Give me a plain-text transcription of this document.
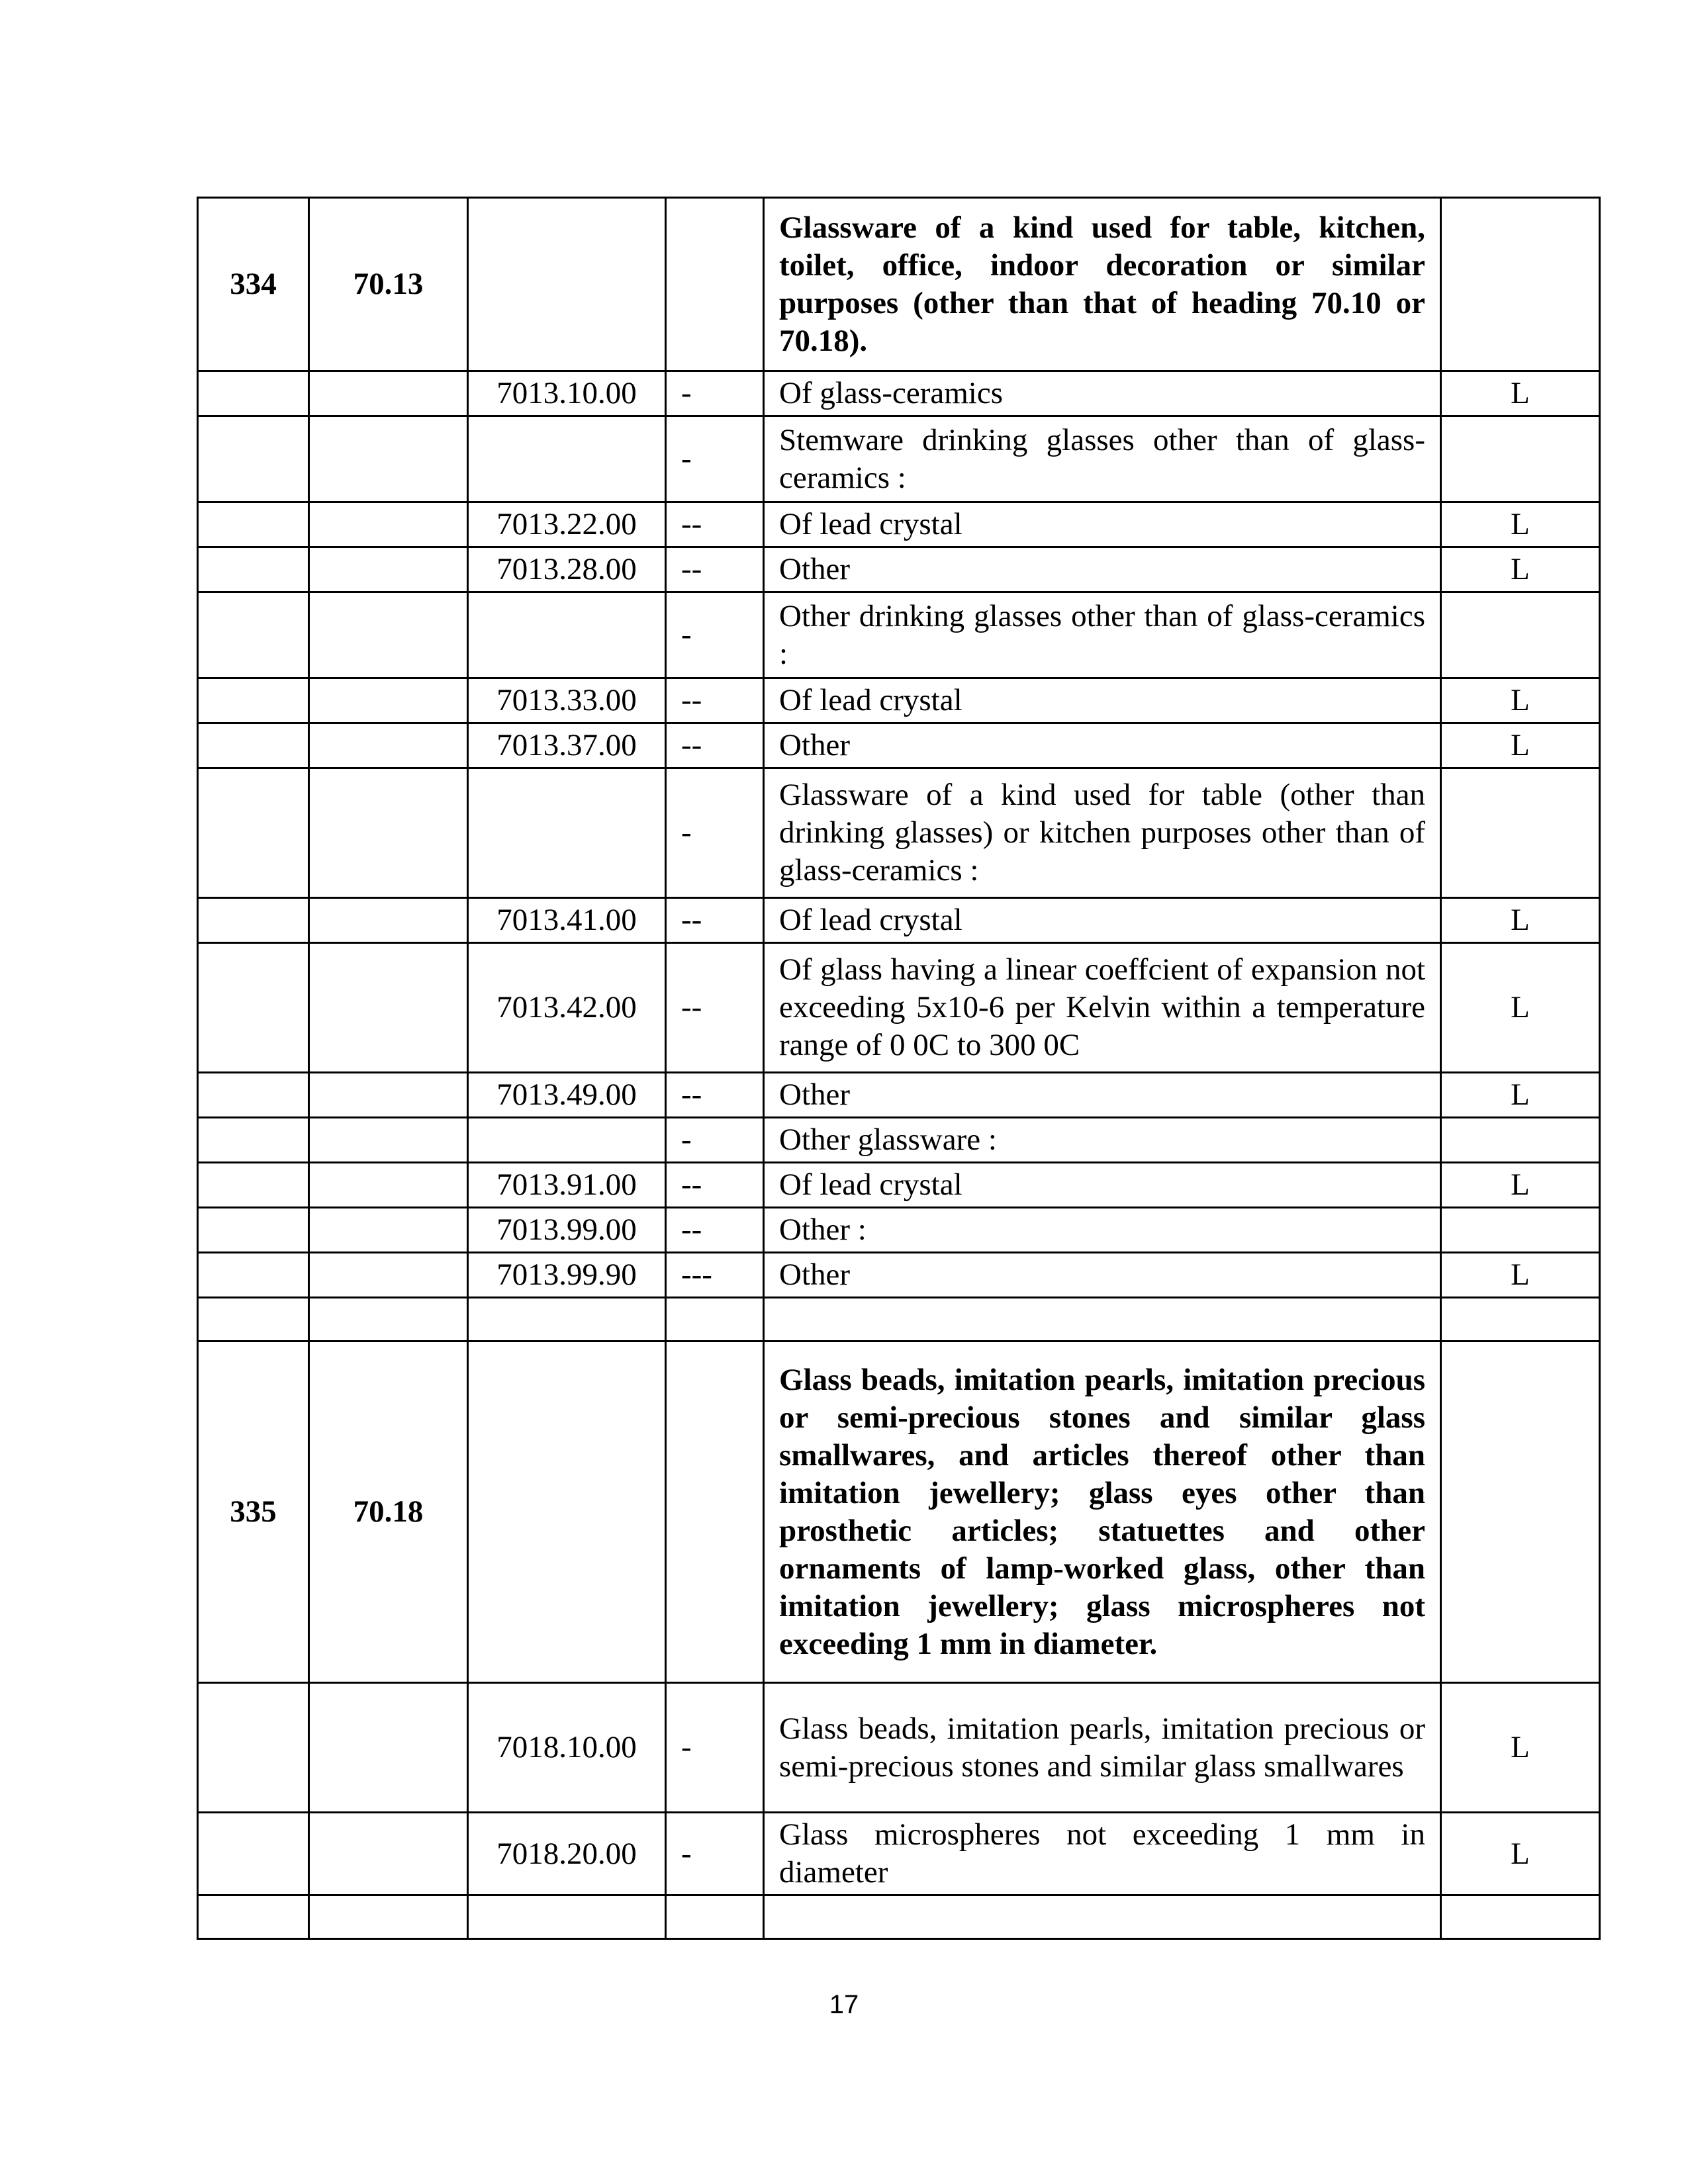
334	70.13			Glassware of a kind used for table, kitchen, toilet, office, indoor decoration or similar purposes (other than that of heading 70.10 or 70.18).	
		7013.10.00	-	Of glass-ceramics	L
			-	Stemware drinking glasses other than of glass-ceramics :	
		7013.22.00	--	Of lead crystal	L
		7013.28.00	--	Other	L
			-	Other drinking glasses other than of glass-ceramics :	
		7013.33.00	--	Of lead crystal	L
		7013.37.00	--	Other	L
			-	Glassware of a kind used for table (other than drinking glasses) or kitchen purposes other than of glass-ceramics :	
		7013.41.00	--	Of lead crystal	L
		7013.42.00	--	Of glass having a linear coeffcient of expansion not exceeding 5x10-6 per Kelvin within a temperature range of 0 0C to 300 0C	L
		7013.49.00	--	Other	L
			-	Other glassware :	
		7013.91.00	--	Of lead crystal	L
		7013.99.00	--	Other :	
		7013.99.90	---	Other	L

335	70.18			Glass beads, imitation pearls, imitation precious or semi-precious stones and similar glass smallwares, and articles thereof other than imitation jewellery; glass eyes other than prosthetic articles; statuettes and other ornaments of lamp-worked glass, other than imitation jewellery; glass microspheres not exceeding 1 mm in diameter.	
		7018.10.00	-	Glass beads, imitation pearls, imitation precious or semi-precious stones and similar glass smallwares	L
		7018.20.00	-	Glass microspheres not exceeding 1 mm in diameter	L

17
